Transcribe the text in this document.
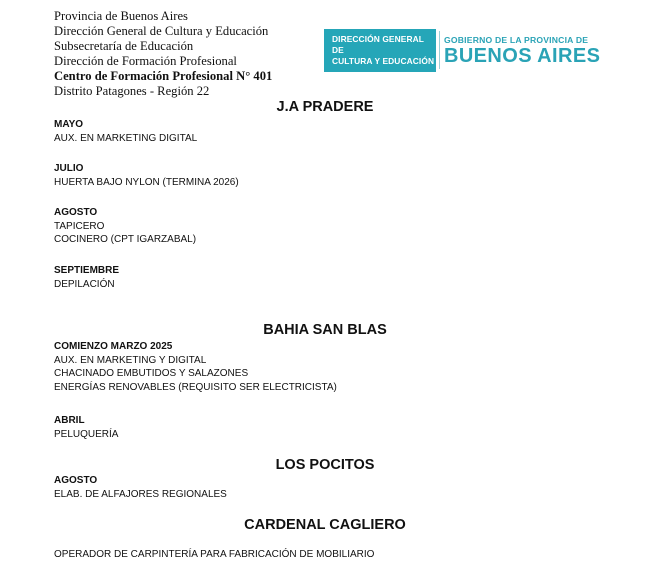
Provincia de Buenos Aires
Dirección General de Cultura y Educación
Subsecretaría de Educación
Dirección de Formación Profesional
Centro de Formación Profesional N° 401
Distrito Patagones - Región 22
DIRECCIÓN GENERAL DE
CULTURA Y EDUCACIÓN
GOBIERNO DE LA PROVINCIA DE
BUENOS AIRES
J.A PRADERE
MAYO
AUX. EN MARKETING DIGITAL
JULIO
HUERTA BAJO NYLON (TERMINA 2026)
AGOSTO
TAPICERO
COCINERO (CPT IGARZABAL)
SEPTIEMBRE
DEPILACIÓN
BAHIA SAN BLAS
COMIENZO MARZO 2025
AUX. EN MARKETING Y DIGITAL
CHACINADO EMBUTIDOS Y SALAZONES
ENERGÍAS RENOVABLES (REQUISITO SER ELECTRICISTA)
ABRIL
PELUQUERÍA
LOS POCITOS
AGOSTO
ELAB. DE ALFAJORES REGIONALES
CARDENAL CAGLIERO
OPERADOR DE CARPINTERÍA PARA FABRICACIÓN DE MOBILIARIO
